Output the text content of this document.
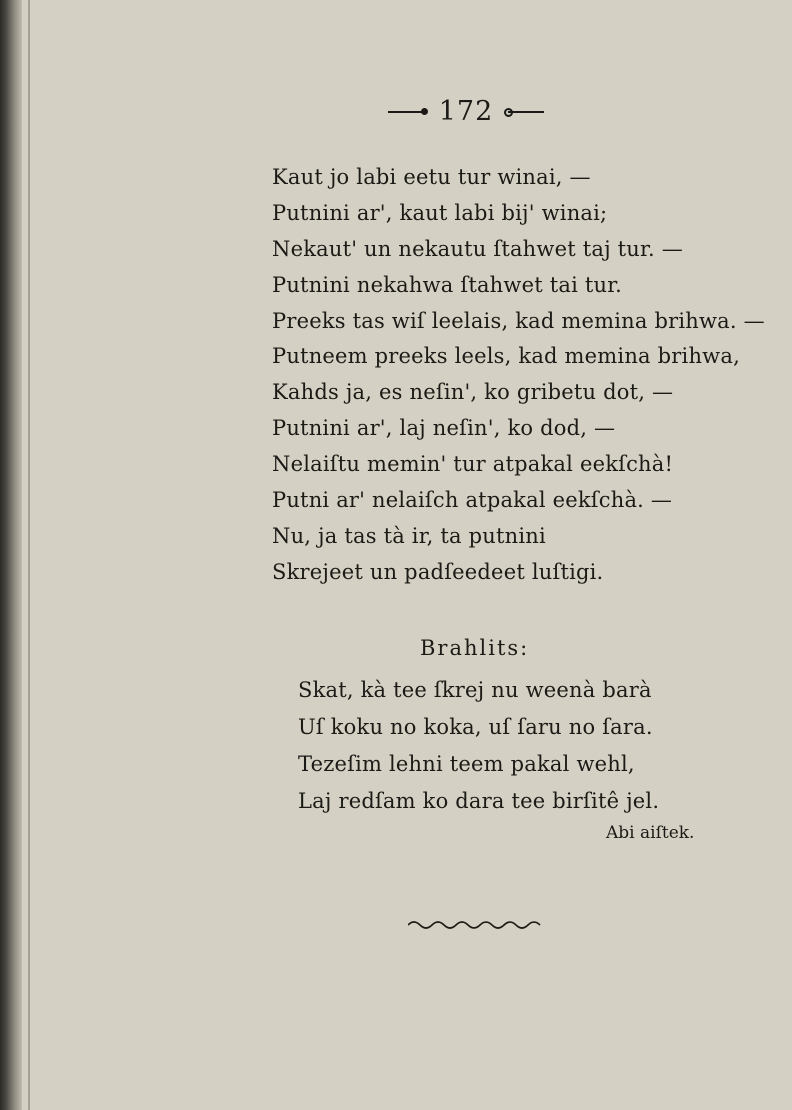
172
Kaut jo labi eetu tur winai, —
Putnini ar', kaut labi bij' winai;
Nekaut' un nekautu ſtahwet taj tur. —
Putnini nekahwa ſtahwet tai tur.
Preeks tas wiſ leelais, kad memina brihwa. —
Putneem preeks leels, kad memina brihwa,
Kahds ja, es neſin', ko gribetu dot, —
Putnini ar', laj neſin', ko dod, —
Nelaiſtu memin' tur atpakal eekſchà!
Putni ar' nelaiſch atpakal eekſchà. —
Nu, ja tas tà ir, ta putnini
Skrejeet un padſeedeet luſtigi.
Brahlits:
Skat, kà tee ſkrej nu weenà barà
Uſ koku no koka, uſ ſaru no ſara.
Tezeſim lehni teem pakal wehl,
Laj redſam ko dara tee birſitê jel.
Abi aiſtek.
